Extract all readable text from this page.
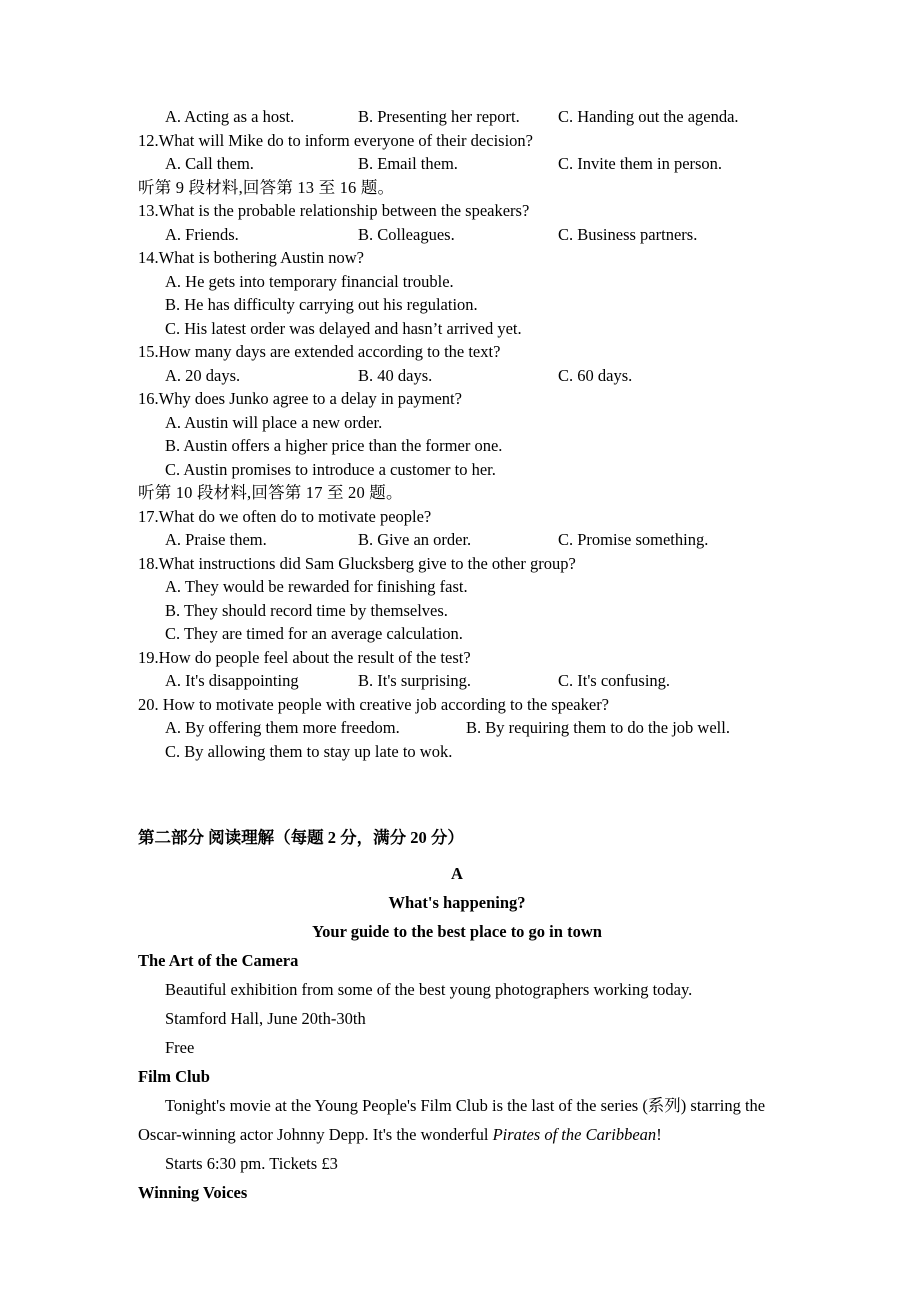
A. Acting as a host.	B. Presenting her report. C. Handing out the agenda.
12.What will Mike do to inform everyone of their decision?
A. Call them.	B. Email them.	C. Invite them in person.
听第 9 段材料,回答第 13 至 16 题。
13.What is the probable relationship between the speakers?
A. Friends.	B. Colleagues.	C. Business partners.
14.What is bothering Austin now?
A. He gets into temporary financial trouble.
B. He has difficulty carrying out his regulation.
C. His latest order was delayed and hasn’t arrived yet.
15.How many days are extended according to the text?
A. 20 days.	B. 40 days.	C. 60 days.
16.Why does Junko agree to a delay in payment?
A. Austin will place a new order.
B. Austin offers a higher price than the former one.
C. Austin promises to introduce a customer to her.
听第 10 段材料,回答第 17 至 20 题。
17.What do we often do to motivate people?
A. Praise them.	B. Give an order.	C. Promise something.
18.What instructions did Sam Glucksberg give to the other group?
A. They would be rewarded for finishing fast.
B. They should record time by themselves.
C. They are timed for an average calculation.
19.How do people feel about the result of the test?
A. It's disappointing	B. It's surprising.	C. It's confusing.
20. How to motivate people with creative job according to the speaker?
A. By offering them more freedom.	B. By requiring them to do the job well.
C. By allowing them to stay up late to wok.
第二部分 阅读理解（每题 2 分，满分 20 分）
A
What's happening?
Your guide to the best place to go in town
The Art of the Camera
Beautiful exhibition from some of the best young photographers working today.
Stamford Hall, June 20th-30th
Free
Film Club

Tonight's movie at the Young People's Film Club is the last of the series (系列) starring the Oscar-winning actor Johnny Depp. It's the wonderful Pirates of the Caribbean!

Starts 6:30 pm. Tickets £3
Winning Voices
